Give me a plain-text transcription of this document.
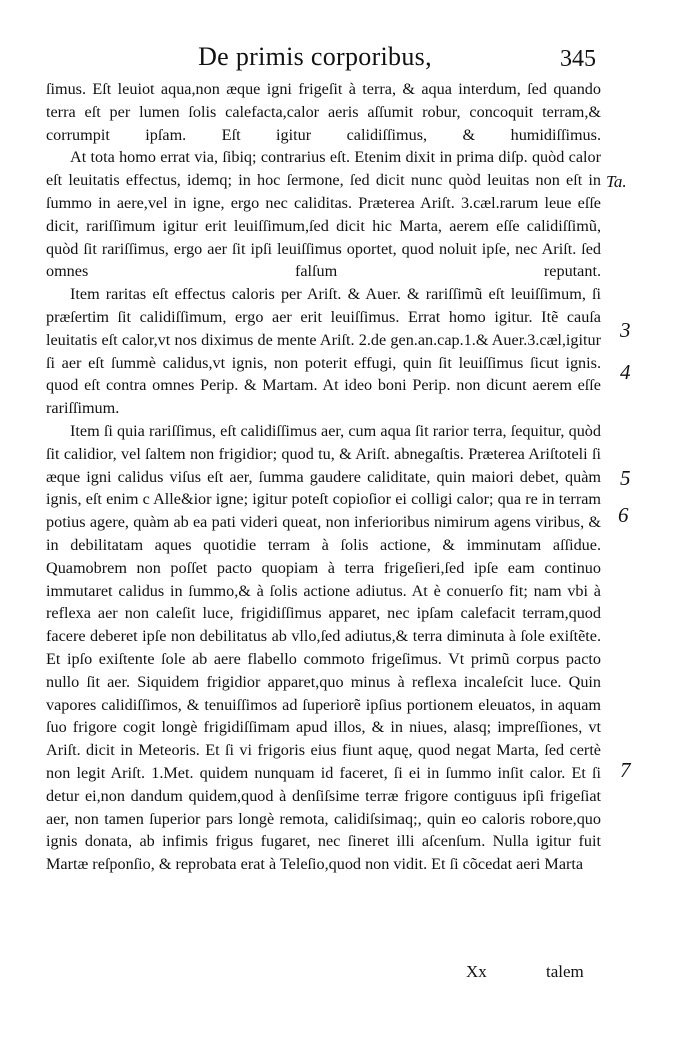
De primis corporibus,	345

ſimus. Eſt leuiot aqua,non æque igni frigeſit à terra, & aqua interdum, ſed quando terra eſt per lumen ſolis calefacta,calor aeris aſſumit robur, concoquit terram,& corrumpit ipſam. Eſt igitur calidiſſimus, & humidiſſimus.

At tota homo errat via, ſibiq; contrarius eſt. Etenim dixit in prima diſp. quòd calor eſt leuitatis effectus, idemq; in hoc ſermone, ſed dicit nunc quòd leuitas non eſt in ſummo in aere,vel in igne, ergo nec caliditas. Præterea Ariſt. 3.cæl.rarum leue eſſe dicit, rariſſimum igitur erit leuiſſimum,ſed dicit hic Marta, aerem eſſe calidiſſimũ, quòd ſit rariſſimus, ergo aer ſit ipſi leuiſſimus oportet, quod noluit ipſe, nec Ariſt. ſed omnes falſum reputant.

Item raritas eſt effectus caloris per Ariſt. & Auer. & rariſſimũ eſt leuiſſimum, ſi præſertim ſit calidiſſimum, ergo aer erit leuiſſimus. Errat homo igitur. Itẽ cauſa leuitatis eſt calor,vt nos diximus de mente Ariſt. 2.de gen.an.cap.1.& Auer.3.cæl,igitur ſi aer eſt ſummè calidus,vt ignis, non poterit effugi, quin ſit leuiſſimus ſicut ignis. quod eſt contra omnes Perip. & Martam. At ideo boni Perip. non dicunt aerem eſſe rariſſimum.

Item ſi quia rariſſimus, eſt calidiſſimus aer, cum aqua ſit rarior terra, ſequitur, quòd ſit calidior, vel ſaltem non frigidior; quod tu, & Ariſt. abnegaſtis. Præterea Ariſtoteli ſi æque igni calidus viſus eſt aer, ſumma gaudere caliditate, quin maiori debet, quàm ignis, eſt enim c Alle&ior igne; igitur poteſt copioſior ei colligi calor; qua re in terram potius agere, quàm ab ea pati videri queat, non inferioribus nimirum agens viribus, & in debilitatam aques quotidie terram à ſolis actione, & imminutam aſſidue. Quamobrem non poſſet pacto quopiam à terra frigeſieri,ſed ipſe eam continuo immutaret calidus in ſummo,& à ſolis actione adiutus. At è conuerſo fit; nam vbi à reflexa aer non caleſit luce, frigidiſſimus apparet, nec ipſam calefacit terram,quod facere deberet ipſe non debilitatus ab vllo,ſed adiutus,& terra diminuta à ſole exiſtẽte. Et ipſo exiſtente ſole ab aere flabello commoto frigeſimus. Vt primũ corpus pacto nullo ſit aer. Siquidem frigidior apparet,quo minus à reflexa incaleſcit luce. Quin vapores calidiſſimos, & tenuiſſimos ad ſuperiorẽ ipſius portionem eleuatos, in aquam ſuo frigore cogit longè frigidiſſimam apud illos, & in niues, alasq; impreſſiones, vt Ariſt. dicit in Meteoris. Et ſi vi frigoris eius fiunt aquę, quod negat Marta, ſed certè non legit Ariſt. 1.Met. quidem nunquam id faceret, ſi ei in ſummo inſit calor. Et ſi detur ei,non dandum quidem,quod à denſiſsime terræ frigore contiguus ipſi frigeſiat aer, non tamen ſuperior pars longè remota, calidiſsimaq;, quin eo caloris robore,quo ignis donata, ab infimis frigus fugaret, nec ſineret illi aſcenſum. Nulla igitur fuit Martæ reſponſio, & reprobata erat à Teleſio,quod non vidit. Et ſi cõcedat aeri Marta

Ta.
3
4
5
6
7
Xx	talem
